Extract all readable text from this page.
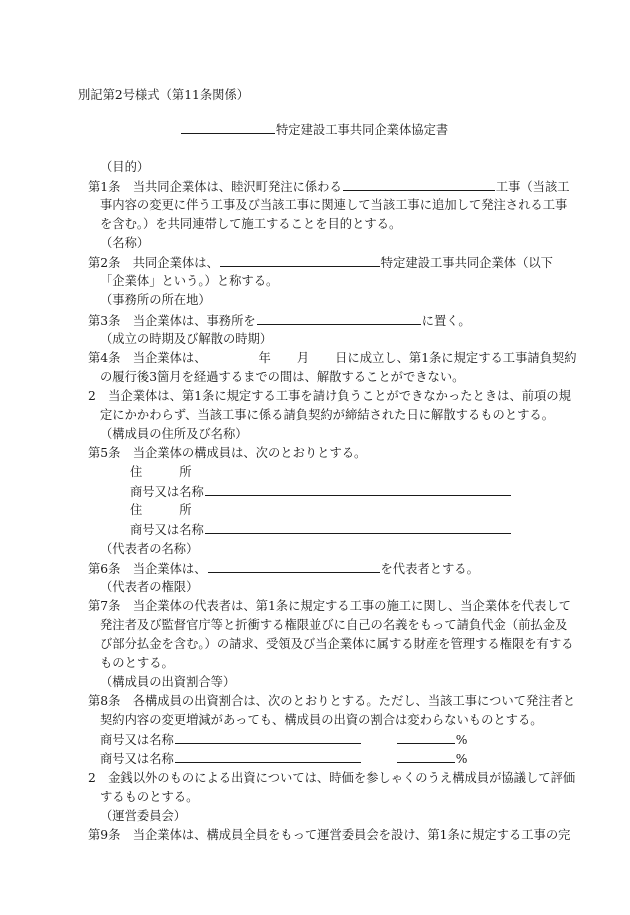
別記第2号様式（第11条関係）
特定建設工事共同企業体協定書
（目的）
第1条　当共同企業体は、睦沢町発注に係わる	工事（当該工
事内容の変更に伴う工事及び当該工事に関連して当該工事に追加して発注される工事
を含む。）を共同連帯して施工することを目的とする。
（名称）
第2条　共同企業体は、	特定建設工事共同企業体（以下
「企業体」という。）と称する。
（事務所の所在地）
第3条　当企業体は、事務所を	に置く。
（成立の時期及び解散の時期）
第4条　当企業体は、	年 月 日に成立し、第1条に規定する工事請負契約
の履行後3箇月を経過するまでの間は、解散することができない。
2　当企業体は、第1条に規定する工事を請け負うことができなかったときは、前項の規
定にかかわらず、当該工事に係る請負契約が締結された日に解散するものとする。
（構成員の住所及び名称）
第5条　当企業体の構成員は、次のとおりとする。
住　　　所
商号又は名称
住　　　所
商号又は名称
（代表者の名称）
第6条　当企業体は、	を代表者とする。
（代表者の権限）
第7条　当企業体の代表者は、第1条に規定する工事の施工に関し、当企業体を代表して
発注者及び監督官庁等と折衝する権限並びに自己の名義をもって請負代金（前払金及
び部分払金を含む。）の請求、受領及び当企業体に属する財産を管理する権限を有する
ものとする。
（構成員の出資割合等）
第8条　各構成員の出資割合は、次のとおりとする。ただし、当該工事について発注者と
契約内容の変更増減があっても、構成員の出資の割合は変わらないものとする。
商号又は名称	%
商号又は名称	%
2　金銭以外のものによる出資については、時価を参しゃくのうえ構成員が協議して評価
するものとする。
（運営委員会）
第9条　当企業体は、構成員全員をもって運営委員会を設け、第1条に規定する工事の完
